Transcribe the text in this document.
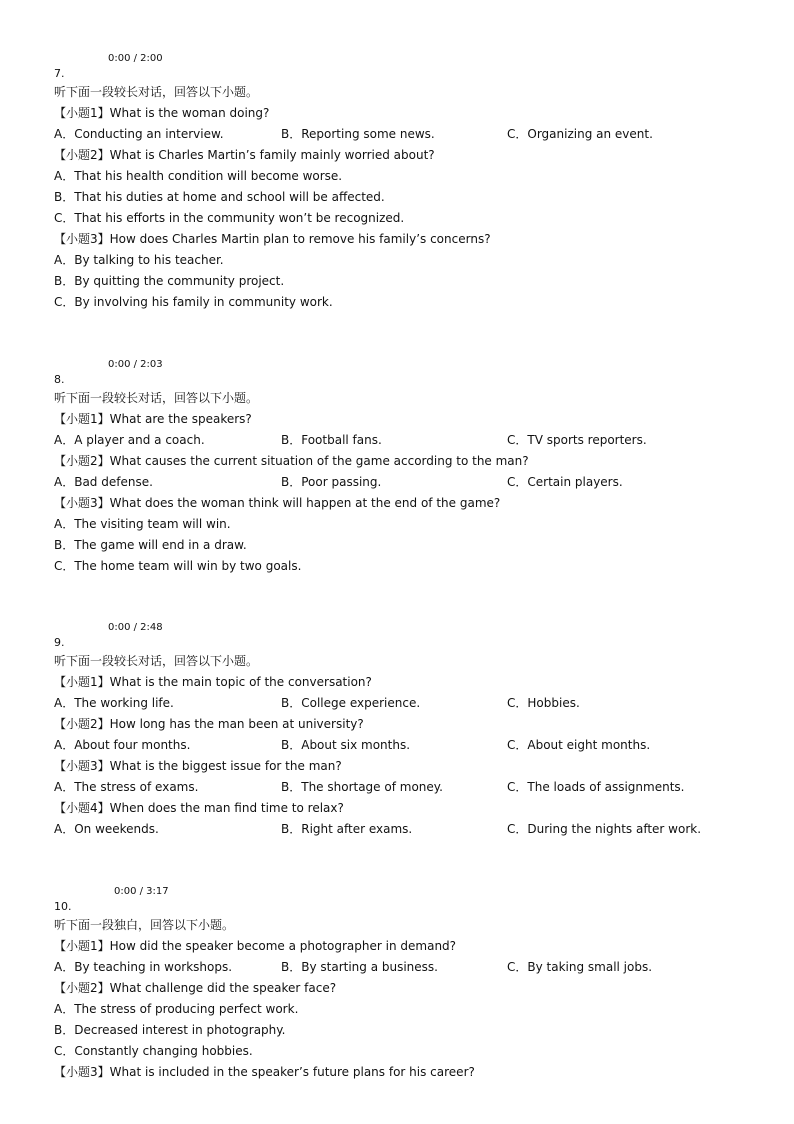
0:00 / 2:00
7.
听下面一段较长对话，回答以下小题。
【小题1】What is the woman doing?
A．Conducting an interview.	B．Reporting some news.	C．Organizing an event.
【小题2】What is Charles Martin’s family mainly worried about?
A．That his health condition will become worse.
B．That his duties at home and school will be affected.
C．That his efforts in the community won’t be recognized.
【小题3】How does Charles Martin plan to remove his family’s concerns?
A．By talking to his teacher.
B．By quitting the community project.
C．By involving his family in community work.
0:00 / 2:03
8.
听下面一段较长对话，回答以下小题。
【小题1】What are the speakers?
A．A player and a coach.	B．Football fans.	C．TV sports reporters.
【小题2】What causes the current situation of the game according to the man?
A．Bad defense.	B．Poor passing.	C．Certain players.
【小题3】What does the woman think will happen at the end of the game?
A．The visiting team will win.
B．The game will end in a draw.
C．The home team will win by two goals.
0:00 / 2:48
9.
听下面一段较长对话，回答以下小题。
【小题1】What is the main topic of the conversation?
A．The working life.	B．College experience.	C．Hobbies.
【小题2】How long has the man been at university?
A．About four months.	B．About six months.	C．About eight months.
【小题3】What is the biggest issue for the man?
A．The stress of exams.	B．The shortage of money.	C．The loads of assignments.
【小题4】When does the man find time to relax?
A．On weekends.	B．Right after exams.	C．During the nights after work.
0:00 / 3:17
10.
听下面一段独白，回答以下小题。
【小题1】How did the speaker become a photographer in demand?
A．By teaching in workshops.	B．By starting a business.	C．By taking small jobs.
【小题2】What challenge did the speaker face?
A．The stress of producing perfect work.
B．Decreased interest in photography.
C．Constantly changing hobbies.
【小题3】What is included in the speaker’s future plans for his career?
